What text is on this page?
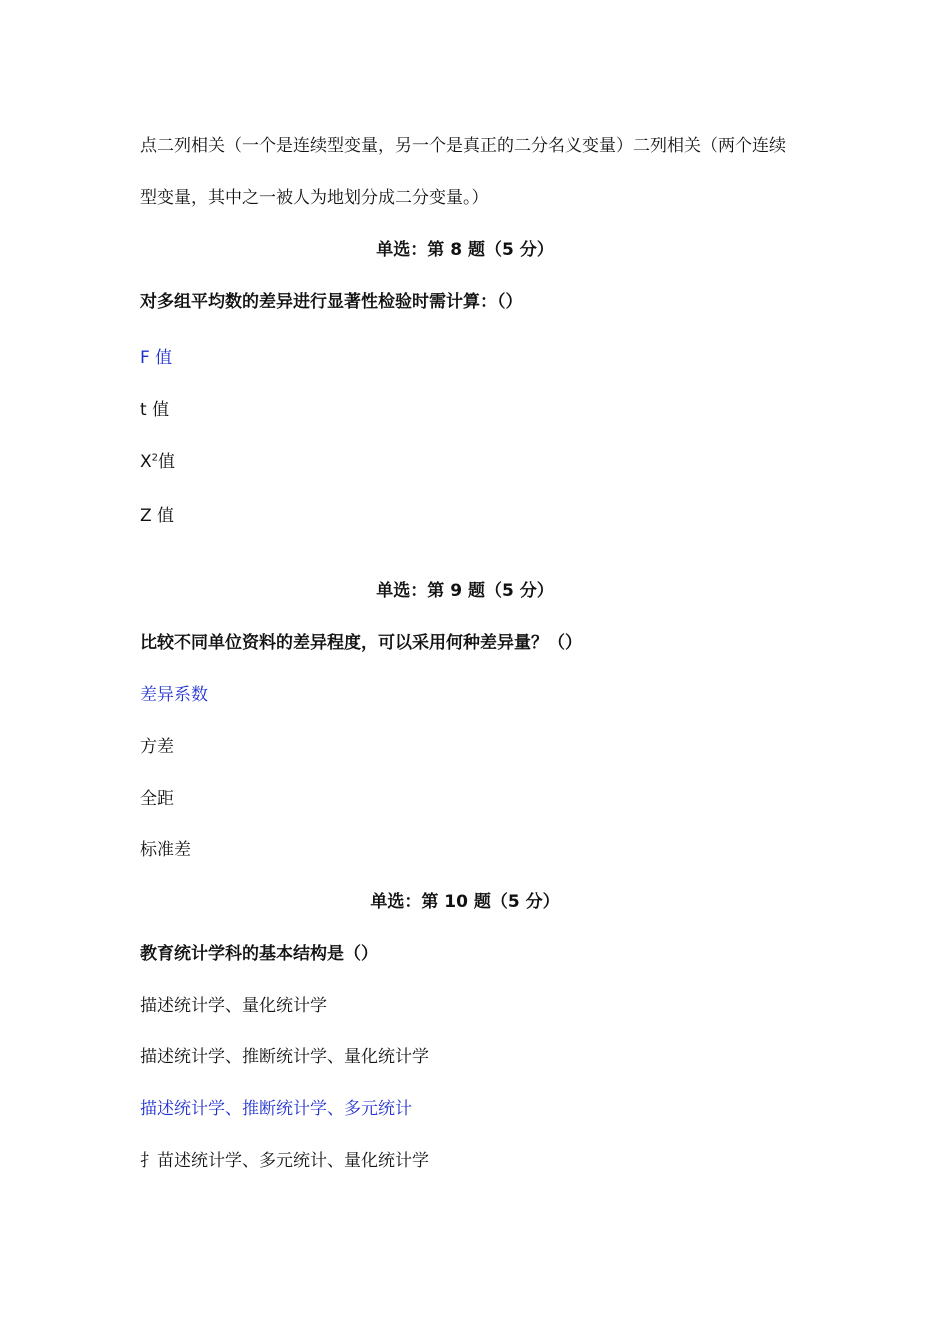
点二列相关（一个是连续型变量，另一个是真正的二分名义变量）二列相关（两个连续
型变量，其中之一被人为地划分成二分变量。）
单选：第 8 题（5 分）
对多组平均数的差异进行显著性检验时需计算：（）
F 值
t 值
$X^2$值
Z 值
单选：第 9 题（5 分）
比较不同单位资料的差异程度，可以采用何种差异量？（）
差异系数
方差
全距
标准差
单选：第 10 题（5 分）
教育统计学科的基本结构是（）
描述统计学、量化统计学
描述统计学、推断统计学、量化统计学
描述统计学、推断统计学、多元统计
扌苗述统计学、多元统计、量化统计学
